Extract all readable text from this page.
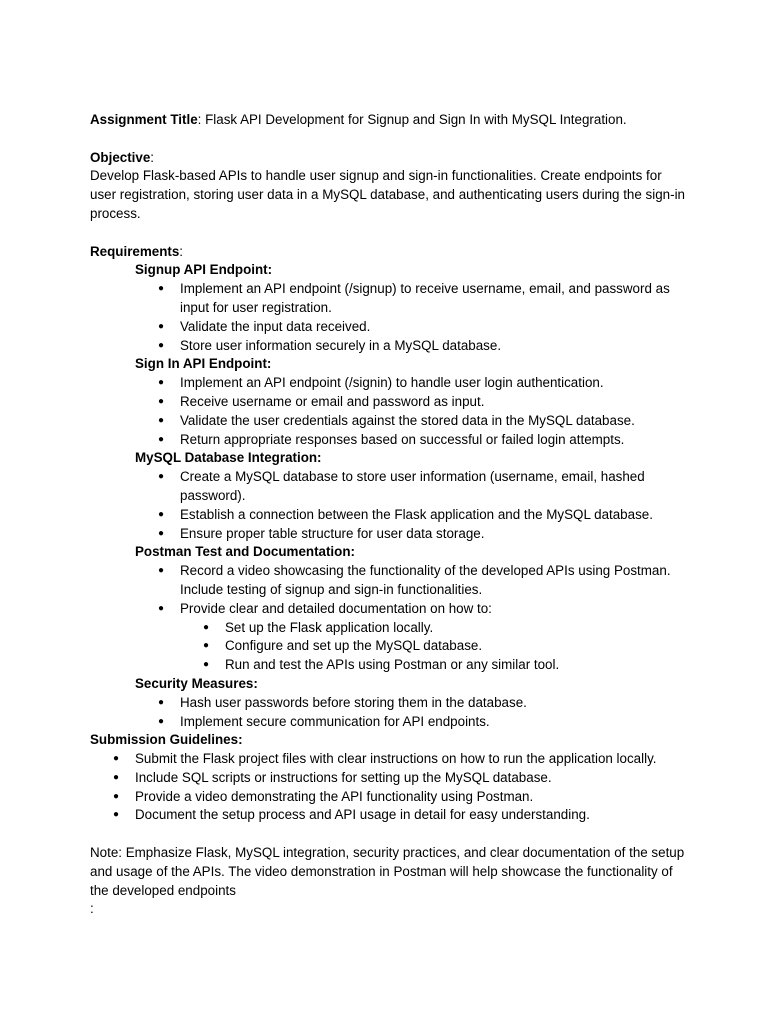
Assignment Title: Flask API Development for Signup and Sign In with MySQL Integration.

Objective:

Develop Flask-based APIs to handle user signup and sign-in functionalities. Create endpoints for user registration, storing user data in a MySQL database, and authenticating users during the sign-in process.

Requirements:

Signup API Endpoint:

● Implement an API endpoint (/signup) to receive username, email, and password as input for user registration.
● Validate the input data received.
● Store user information securely in a MySQL database.

Sign In API Endpoint:

● Implement an API endpoint (/signin) to handle user login authentication.
● Receive username or email and password as input.
● Validate the user credentials against the stored data in the MySQL database.
● Return appropriate responses based on successful or failed login attempts.

MySQL Database Integration:

● Create a MySQL database to store user information (username, email, hashed password).
● Establish a connection between the Flask application and the MySQL database.
● Ensure proper table structure for user data storage.

Postman Test and Documentation:

● Record a video showcasing the functionality of the developed APIs using Postman. Include testing of signup and sign-in functionalities.
● Provide clear and detailed documentation on how to:
● Set up the Flask application locally.
● Configure and set up the MySQL database.
● Run and test the APIs using Postman or any similar tool.

Security Measures:

● Hash user passwords before storing them in the database.
● Implement secure communication for API endpoints.

Submission Guidelines:

● Submit the Flask project files with clear instructions on how to run the application locally.
● Include SQL scripts or instructions for setting up the MySQL database.
● Provide a video demonstrating the API functionality using Postman.
● Document the setup process and API usage in detail for easy understanding.

Note: Emphasize Flask, MySQL integration, security practices, and clear documentation of the setup and usage of the APIs. The video demonstration in Postman will help showcase the functionality of the developed endpoints

:
